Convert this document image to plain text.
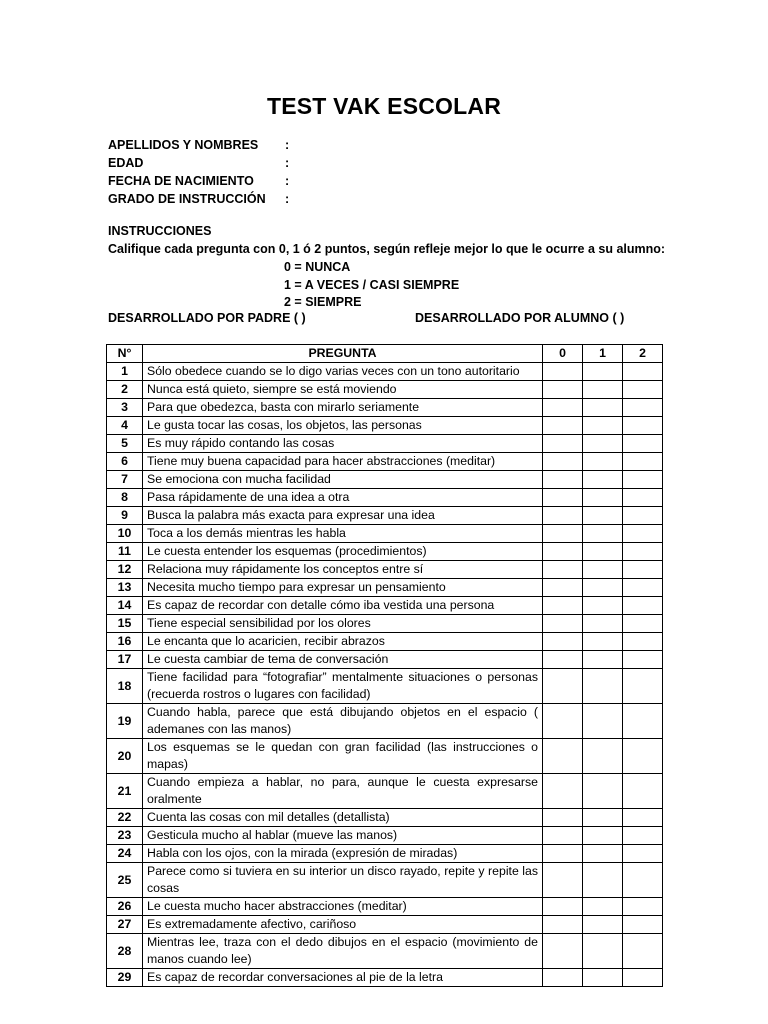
TEST VAK ESCOLAR
APELLIDOS Y NOMBRES :
EDAD	:
FECHA DE NACIMIENTO :
GRADO DE INSTRUCCIÓN :
INSTRUCCIONES
Califique cada pregunta con 0, 1 ó 2 puntos, según refleje mejor lo que le ocurre a su alumno:
0 = NUNCA
1 = A VECES / CASI SIEMPRE
2 = SIEMPRE
DESARROLLADO POR PADRE ( )	DESARROLLADO POR ALUMNO ( )
N°	PREGUNTA	0	1	2
1	Sólo obedece cuando se lo digo varias veces con un tono autoritario			
2	Nunca está quieto, siempre se está moviendo			
3	Para que obedezca, basta con mirarlo seriamente			
4	Le gusta tocar las cosas, los objetos, las personas			
5	Es muy rápido contando las cosas			
6	Tiene muy buena capacidad para hacer abstracciones (meditar)			
7	Se emociona con mucha facilidad			
8	Pasa rápidamente de una idea a otra			
9	Busca la palabra más exacta para expresar una idea			
10	Toca a los demás mientras les habla			
11	Le cuesta entender los esquemas (procedimientos)			
12	Relaciona muy rápidamente los conceptos entre sí			
13	Necesita mucho tiempo para expresar un pensamiento			
14	Es capaz de recordar con detalle cómo iba vestida una persona			
15	Tiene especial sensibilidad por los olores			
16	Le encanta que lo acaricien, recibir abrazos			
17	Le cuesta cambiar de tema de conversación			
18	Tiene facilidad para “fotografiar” mentalmente situaciones o personas (recuerda rostros o lugares con facilidad)			
19	Cuando habla, parece que está dibujando objetos en el espacio ( ademanes con las manos)			
20	Los esquemas se le quedan con gran facilidad (las instrucciones o mapas)			
21	Cuando empieza a hablar, no para, aunque le cuesta expresarse oralmente			
22	Cuenta las cosas con mil detalles (detallista)			
23	Gesticula mucho al hablar (mueve las manos)			
24	Habla con los ojos, con la mirada (expresión de miradas)			
25	Parece como si tuviera en su interior un disco rayado, repite y repite las cosas			
26	Le cuesta mucho hacer abstracciones (meditar)			
27	Es extremadamente afectivo, cariñoso			
28	Mientras lee, traza con el dedo dibujos en el espacio (movimiento de manos cuando lee)			
29	Es capaz de recordar conversaciones al pie de la letra			
